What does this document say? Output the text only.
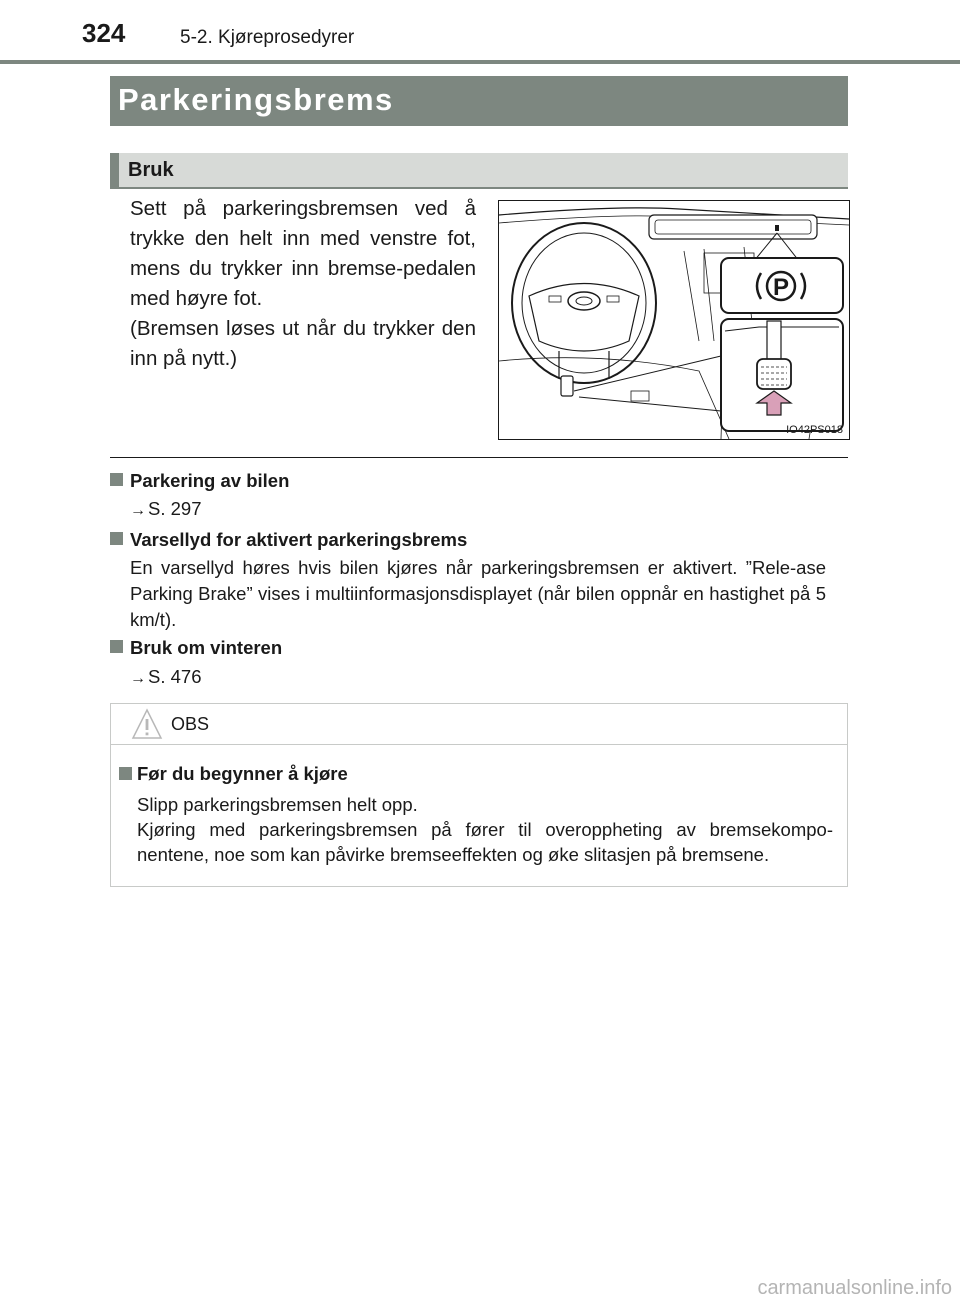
324	5-2. Kjøreprosedyrer
Parkeringsbrems
Bruk

Sett på parkeringsbremsen ved å trykke den helt inn med venstre fot, mens du trykker inn bremse-pedalen med høyre fot.

(Bremsen løses ut når du trykker den inn på nytt.)

P
IO42PS018
Parkering av bilen
→ S. 297
Varsellyd for aktivert parkeringsbrems
En varsellyd høres hvis bilen kjøres når parkeringsbremsen er aktivert. ”Rele-ase Parking Brake” vises i multiinformasjonsdisplayet (når bilen oppnår en hastighet på 5 km/t).
Bruk om vinteren
→ S. 476
OBS
Før du begynner å kjøre

Slipp parkeringsbremsen helt opp.

Kjøring med parkeringsbremsen på fører til overoppheting av bremsekompo-nentene, noe som kan påvirke bremseeffekten og øke slitasjen på bremsene.

carmanualsonline.info
